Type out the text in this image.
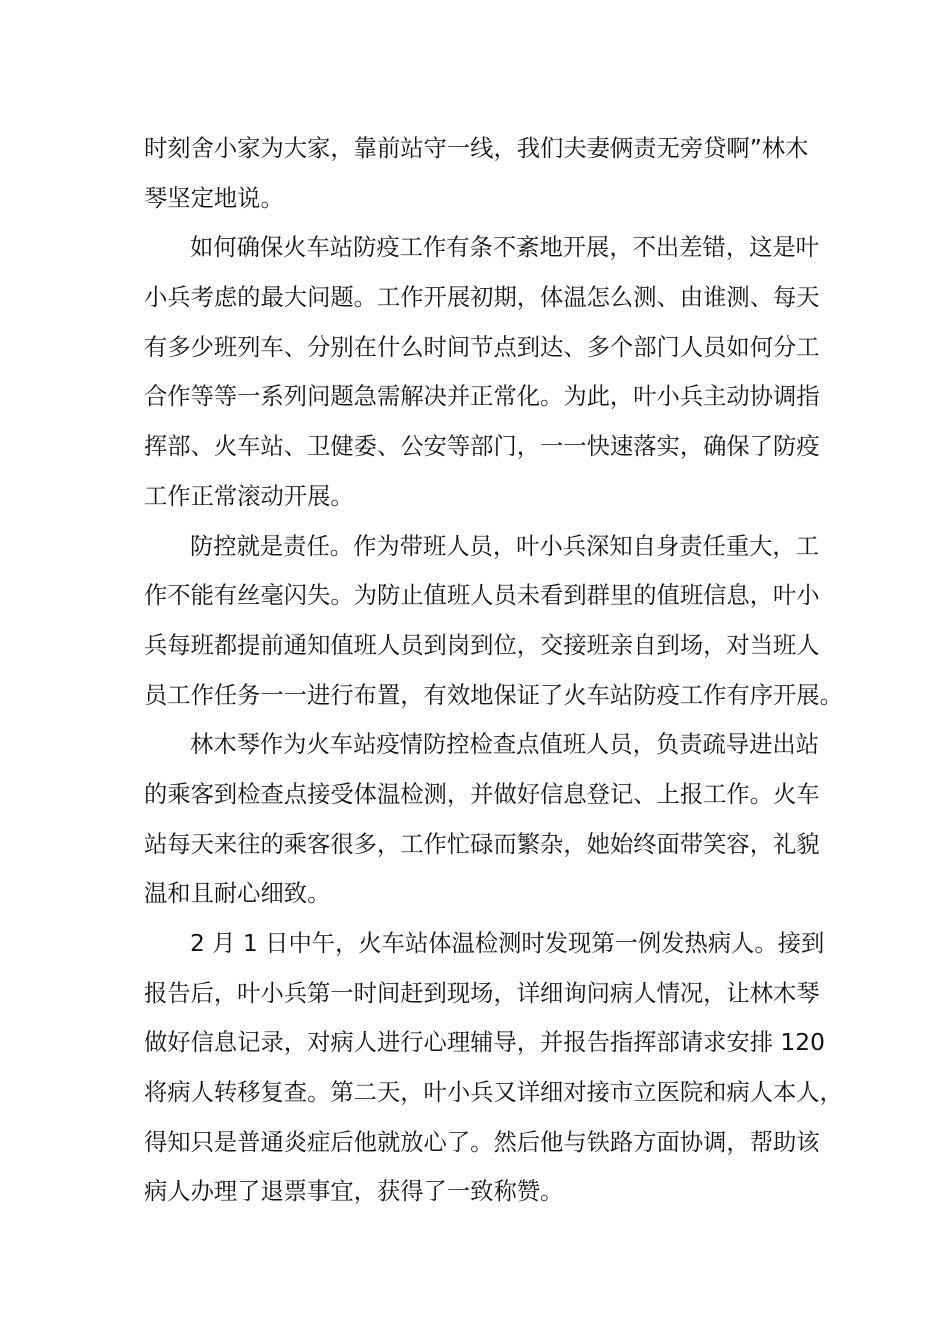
时刻舍小家为大家，靠前站守一线，我们夫妻俩责无旁贷啊”林木
琴坚定地说。
如何确保火车站防疫工作有条不紊地开展，不出差错，这是叶
小兵考虑的最大问题。工作开展初期，体温怎么测、由谁测、每天
有多少班列车、分别在什么时间节点到达、多个部门人员如何分工
合作等等一系列问题急需解决并正常化。为此，叶小兵主动协调指
挥部、火车站、卫健委、公安等部门，一一快速落实，确保了防疫
工作正常滚动开展。
防控就是责任。作为带班人员，叶小兵深知自身责任重大，工
作不能有丝毫闪失。为防止值班人员未看到群里的值班信息，叶小
兵每班都提前通知值班人员到岗到位，交接班亲自到场，对当班人
员工作任务一一进行布置，有效地保证了火车站防疫工作有序开展。
林木琴作为火车站疫情防控检查点值班人员，负责疏导进出站
的乘客到检查点接受体温检测，并做好信息登记、上报工作。火车
站每天来往的乘客很多，工作忙碌而繁杂，她始终面带笑容，礼貌
温和且耐心细致。
2 月 1 日中午，火车站体温检测时发现第一例发热病人。接到
报告后，叶小兵第一时间赶到现场，详细询问病人情况，让林木琴
做好信息记录，对病人进行心理辅导，并报告指挥部请求安排 120
将病人转移复查。第二天，叶小兵又详细对接市立医院和病人本人，
得知只是普通炎症后他就放心了。然后他与铁路方面协调，帮助该
病人办理了退票事宜，获得了一致称赞。
